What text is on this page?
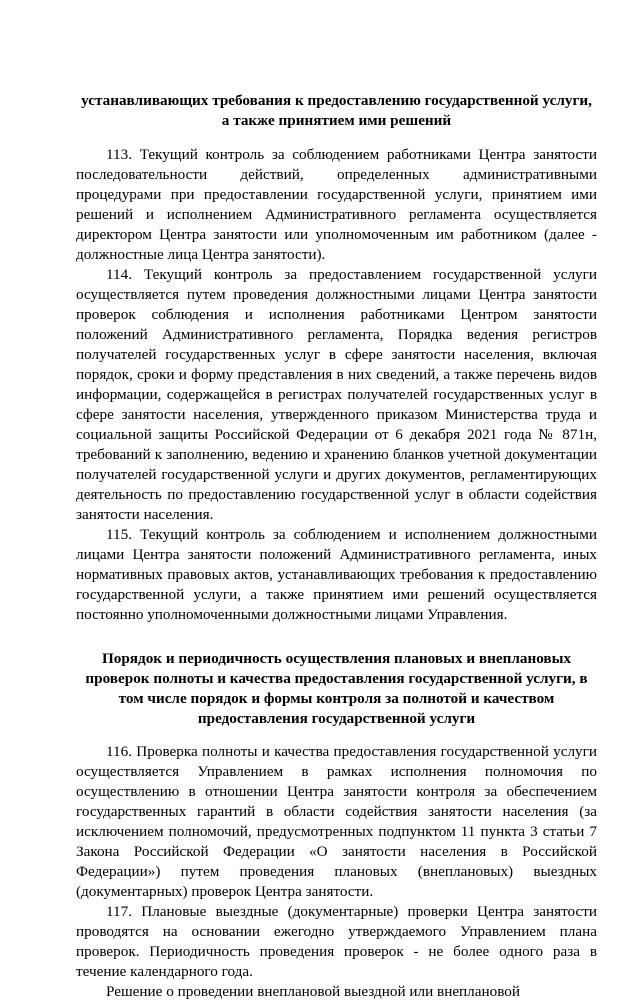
устанавливающих требования к предоставлению государственной услуги, а также принятием ими решений

113. Текущий контроль за соблюдением работниками Центра занятости последовательности действий, определенных административными процедурами при предоставлении государственной услуги, принятием ими решений и исполнением Административного регламента осуществляется директором Центра занятости или уполномоченным им работником (далее - должностные лица Центра занятости).

114. Текущий контроль за предоставлением государственной услуги осуществляется путем проведения должностными лицами Центра занятости проверок соблюдения и исполнения работниками Центром занятости положений Административного регламента, Порядка ведения регистров получателей государственных услуг в сфере занятости населения, включая порядок, сроки и форму представления в них сведений, а также перечень видов информации, содержащейся в регистрах получателей государственных услуг в сфере занятости населения, утвержденного приказом Министерства труда и социальной защиты Российской Федерации от 6 декабря 2021 года № 871н, требований к заполнению, ведению и хранению бланков учетной документации получателей государственной услуги и других документов, регламентирующих деятельность по предоставлению государственной услуг в области содействия занятости населения.

115. Текущий контроль за соблюдением и исполнением должностными лицами Центра занятости положений Административного регламента, иных нормативных правовых актов, устанавливающих требования к предоставлению государственной услуги, а также принятием ими решений осуществляется постоянно уполномоченными должностными лицами Управления.

Порядок и периодичность осуществления плановых и внеплановых проверок полноты и качества предоставления государственной услуги, в том числе порядок и формы контроля за полнотой и качеством предоставления государственной услуги

116. Проверка полноты и качества предоставления государственной услуги осуществляется Управлением в рамках исполнения полномочия по осуществлению в отношении Центра занятости контроля за обеспечением государственных гарантий в области содействия занятости населения (за исключением полномочий, предусмотренных подпунктом 11 пункта 3 статьи 7 Закона Российской Федерации «О занятости населения в Российской Федерации») путем проведения плановых (внеплановых) выездных (документарных) проверок Центра занятости.

117. Плановые выездные (документарные) проверки Центра занятости проводятся на основании ежегодно утверждаемого Управлением плана проверок. Периодичность проведения проверок - не более одного раза в течение календарного года.

Решение о проведении внеплановой выездной или внеплановой
